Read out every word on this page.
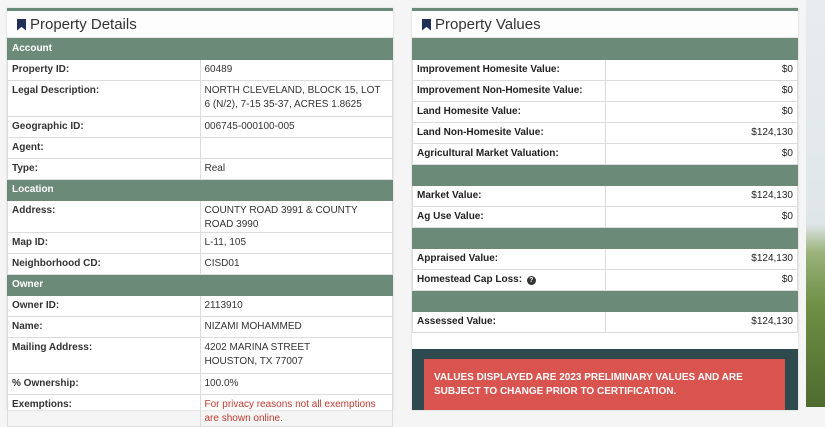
Property Details
Account	
Property ID:	60489
Legal Description:	NORTH CLEVELAND, BLOCK 15, LOT 6 (N/2), 7-15 35-37, ACRES 1.8625
Geographic ID:	006745-000100-005
Agent:	
Type:	Real
Location	
Address:	COUNTY ROAD 3991 & COUNTY ROAD 3990
Map ID:	L-11, 105
Neighborhood CD:	CISD01
Owner	
Owner ID:	2113910
Name:	NIZAMI MOHAMMED
Mailing Address:	4202 MARINA STREET
HOUSTON, TX 77007
% Ownership:	100.0%
Exemptions:	For privacy reasons not all exemptions are shown online.
Property Values

Improvement Homesite Value:	$0
Improvement Non-Homesite Value:	$0
Land Homesite Value:	$0
Land Non-Homesite Value:	$124,130
Agricultural Market Valuation:	$0

Market Value:	$124,130
Ag Use Value:	$0

Appraised Value:	$124,130
Homestead Cap Loss: ?	$0

Assessed Value:	$124,130
VALUES DISPLAYED ARE 2023 PRELIMINARY VALUES AND ARE SUBJECT TO CHANGE PRIOR TO CERTIFICATION.
